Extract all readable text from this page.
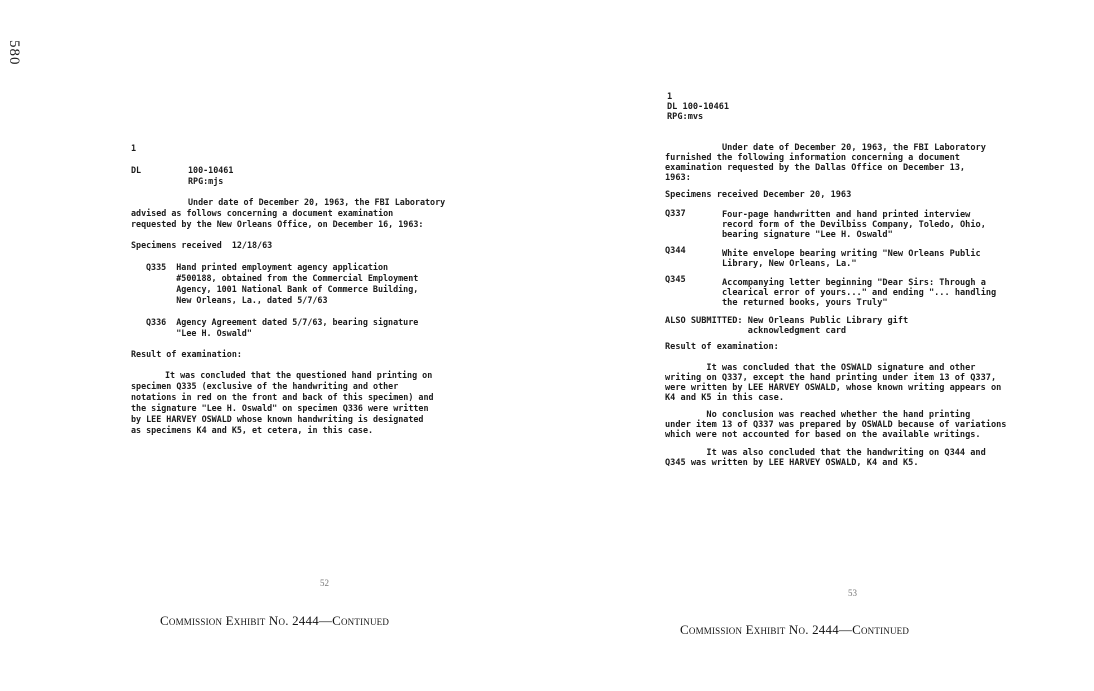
580
1
DL	100-10461
RPG:mjs
Under date of December 20, 1963, the FBI Laboratory
advised as follows concerning a document examination
requested by the New Orleans Office, on December 16, 1963:
Specimens received  12/18/63
Q335  Hand printed employment agency application
#500188, obtained from the Commercial Employment
Agency, 1001 National Bank of Commerce Building,
New Orleans, La., dated 5/7/63
Q336  Agency Agreement dated 5/7/63, bearing signature
"Lee H. Oswald"
Result of examination:
It was concluded that the questioned hand printing on
specimen Q335 (exclusive of the handwriting and other
notations in red on the front and back of this specimen) and
the signature "Lee H. Oswald" on specimen Q336 were written
by LEE HARVEY OSWALD whose known handwriting is designated
as specimens K4 and K5, et cetera, in this case.
52
Commission Exhibit No. 2444—Continued
1
DL 100-10461
RPG:mvs
Under date of December 20, 1963, the FBI Laboratory
furnished the following information concerning a document
examination requested by the Dallas Office on December 13,
1963:
Specimens received December 20, 1963
Q337	Four-page handwritten and hand printed interview
record form of the Devilbiss Company, Toledo, Ohio,
bearing signature "Lee H. Oswald"
Q344	White envelope bearing writing "New Orleans Public
Library, New Orleans, La."
Q345	Accompanying letter beginning "Dear Sirs: Through a
clearical error of yours..." and ending "... handling
the returned books, yours Truly"
ALSO SUBMITTED: New Orleans Public Library gift
acknowledgment card
Result of examination:
It was concluded that the OSWALD signature and other
writing on Q337, except the hand printing under item 13 of Q337,
were written by LEE HARVEY OSWALD, whose known writing appears on
K4 and K5 in this case.
No conclusion was reached whether the hand printing
under item 13 of Q337 was prepared by OSWALD because of variations
which were not accounted for based on the available writings.
It was also concluded that the handwriting on Q344 and
Q345 was written by LEE HARVEY OSWALD, K4 and K5.
53
Commission Exhibit No. 2444—Continued
